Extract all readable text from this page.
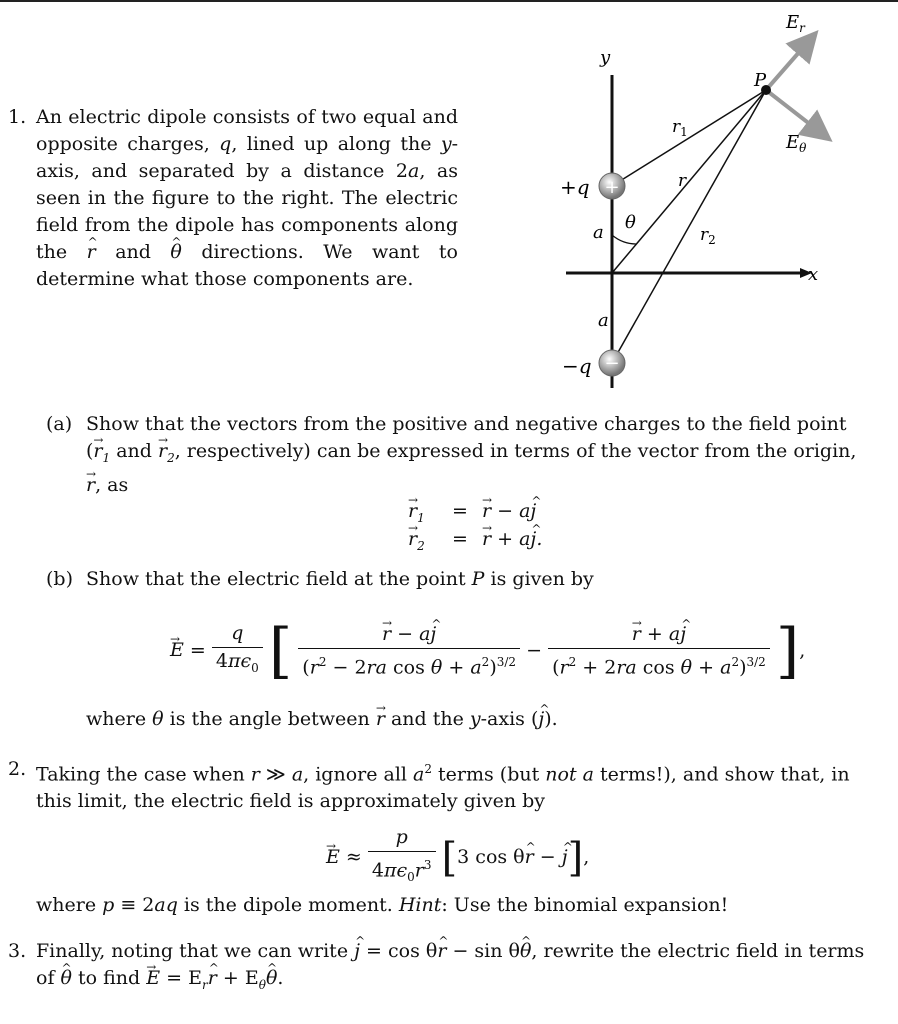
1. An electric dipole consists of two equal and opposite charges, q, lined up along the y-axis, and separated by a distance 2a, as seen in the figure to the right. The electric field from the dipole has components along the ^ r and ^ θ directions. We want to determine what those components are.
+
−
y
x
+q
−q
a
a
θ
$r_1$
r
$r_2$
P
$E_r$
$E_\theta$
(a) Show that the vectors from the positive and negative charges to the field point
(→ $r_1$ and → $r_2$, respectively) can be expressed in terms of the vector from the origin,
→ r, as
→ $r_1$ = → r − a^ j
→ $r_2$ = → r + a^ j.
(b) Show that the electric field at the point P is given by
→ $E = \frac{q}{4\pi\epsilon_0}$ [ → $\frac{r - a\^{} j}{(r^2 - 2ra \cos \theta + a^2)^{3/2}}$ − → $\frac{r + a\^{} j}{(r^2 + 2ra \cos \theta + a^2)^{3/2}}$ ],
where θ is the angle between → r and the y-axis (^ j).
2. Taking the case when r ≫ a, ignore all $a^2$ terms (but not a terms!), and show that, in
this limit, the electric field is approximately given by
→ $E \approx \frac{p}{4\pi\epsilon_0r^3} [3$ cos θ^ r − ^ j],
where p ≡ 2aq is the dipole moment. Hint: Use the binomial expansion!
3. Finally, noting that we can write ^ j = cos θ^ r − sin θ^ θ, rewrite the electric field in terms
of ^ θ to find → $E = E_r\^{}$ $r + E_\theta\^{}$ θ.
